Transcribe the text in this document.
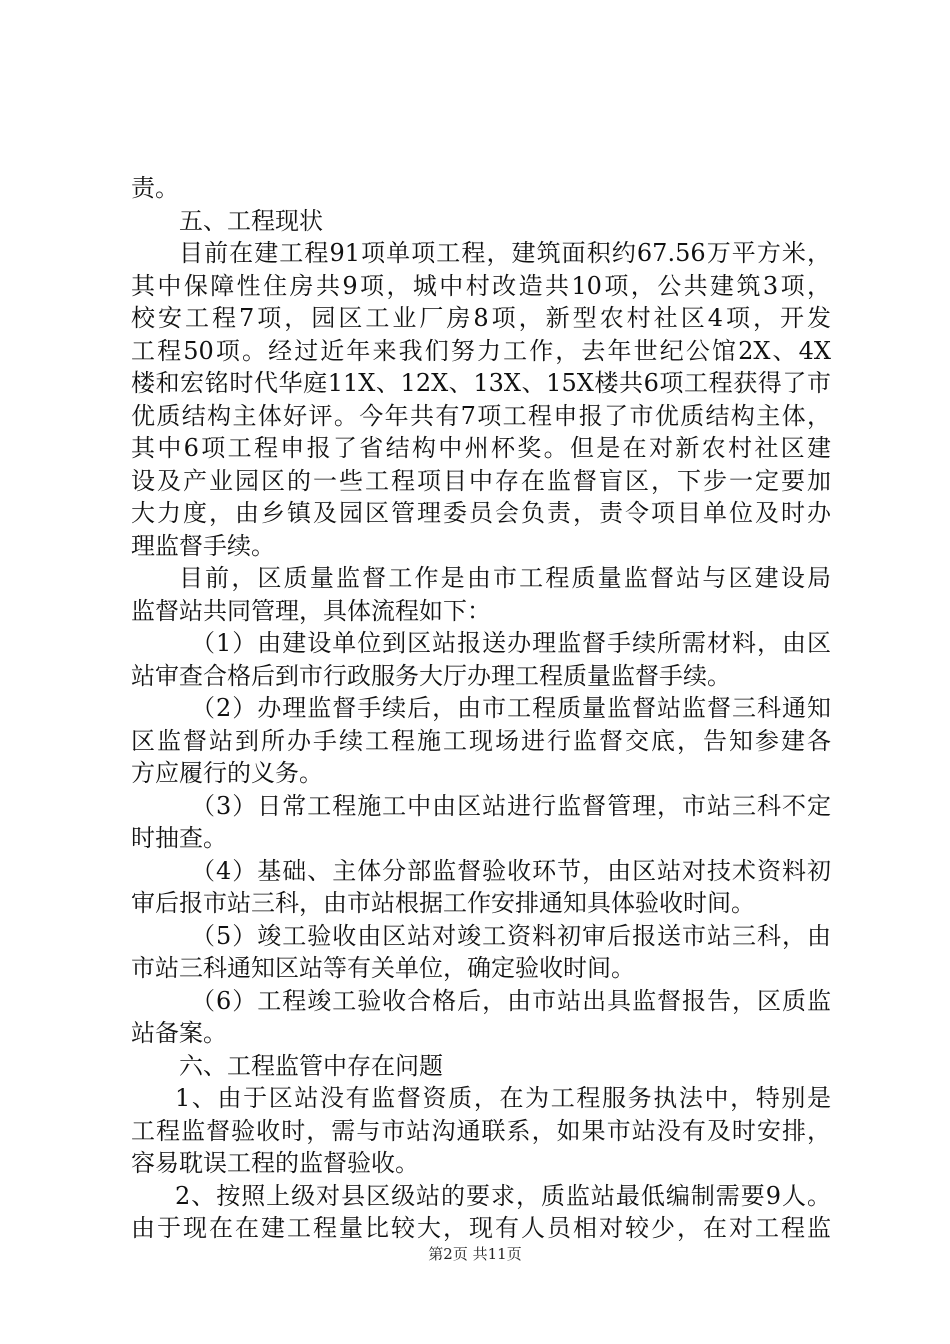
责。
五、工程现状
目前在建工程91项单项工程，建筑面积约67.56万平方米，
其中保障性住房共9项，城中村改造共10项，公共建筑3项，
校安工程7项，园区工业厂房8项，新型农村社区4项，开发
工程50项。经过近年来我们努力工作，去年世纪公馆2X、4X
楼和宏铭时代华庭11X、12X、13X、15X楼共6项工程获得了市
优质结构主体好评。今年共有7项工程申报了市优质结构主体，
其中6项工程申报了省结构中州杯奖。但是在对新农村社区建
设及产业园区的一些工程项目中存在监督盲区，下步一定要加
大力度，由乡镇及园区管理委员会负责，责令项目单位及时办
理监督手续。
目前，区质量监督工作是由市工程质量监督站与区建设局
监督站共同管理，具体流程如下：
（1）由建设单位到区站报送办理监督手续所需材料，由区
站审查合格后到市行政服务大厅办理工程质量监督手续。
（2）办理监督手续后，由市工程质量监督站监督三科通知
区监督站到所办手续工程施工现场进行监督交底，告知参建各
方应履行的义务。
（3）日常工程施工中由区站进行监督管理，市站三科不定
时抽查。
（4）基础、主体分部监督验收环节，由区站对技术资料初
审后报市站三科，由市站根据工作安排通知具体验收时间。
（5）竣工验收由区站对竣工资料初审后报送市站三科，由
市站三科通知区站等有关单位，确定验收时间。
（6）工程竣工验收合格后，由市站出具监督报告，区质监
站备案。
六、工程监管中存在问题
1、由于区站没有监督资质，在为工程服务执法中，特别是
工程监督验收时，需与市站沟通联系，如果市站没有及时安排，
容易耽误工程的监督验收。
2、按照上级对县区级站的要求，质监站最低编制需要9人。
由于现在在建工程量比较大，现有人员相对较少，在对工程监
第2页 共11页
